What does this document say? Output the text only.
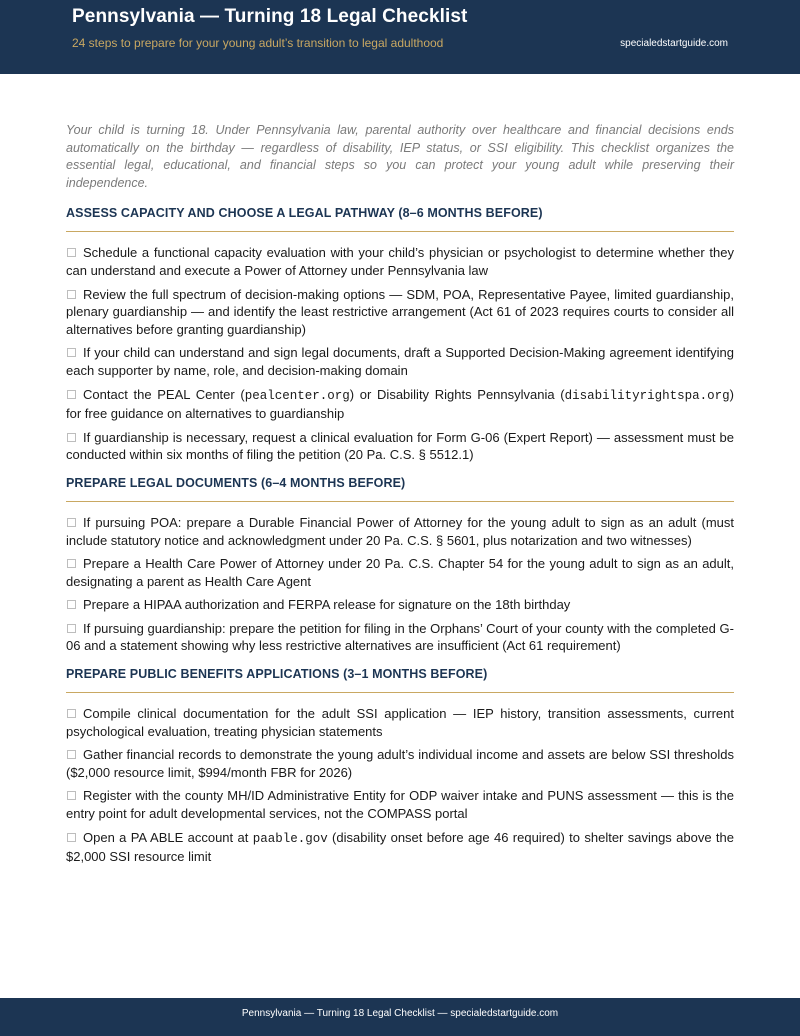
Pennsylvania — Turning 18 Legal Checklist
24 steps to prepare for your young adult’s transition to legal adulthood	specialedstartguide.com

Your child is turning 18. Under Pennsylvania law, parental authority over healthcare and financial decisions ends automatically on the birthday — regardless of disability, IEP status, or SSI eligibility. This checklist organizes the essential legal, educational, and financial steps so you can protect your young adult while preserving their independence.

ASSESS CAPACITY AND CHOOSE A LEGAL PATHWAY (8–6 MONTHS BEFORE)

Schedule a functional capacity evaluation with your child’s physician or psychologist to determine whether they can understand and execute a Power of Attorney under Pennsylvania law

Review the full spectrum of decision-making options — SDM, POA, Representative Payee, limited guardianship, plenary guardianship — and identify the least restrictive arrangement (Act 61 of 2023 requires courts to consider all alternatives before granting guardianship)

If your child can understand and sign legal documents, draft a Supported Decision-Making agreement identifying each supporter by name, role, and decision-making domain

Contact the PEAL Center (pealcenter.org) or Disability Rights Pennsylvania (disabilityrightspa.org) for free guidance on alternatives to guardianship

If guardianship is necessary, request a clinical evaluation for Form G-06 (Expert Report) — assessment must be conducted within six months of filing the petition (20 Pa. C.S. § 5512.1)

PREPARE LEGAL DOCUMENTS (6–4 MONTHS BEFORE)

If pursuing POA: prepare a Durable Financial Power of Attorney for the young adult to sign as an adult (must include statutory notice and acknowledgment under 20 Pa. C.S. § 5601, plus notarization and two witnesses)

Prepare a Health Care Power of Attorney under 20 Pa. C.S. Chapter 54 for the young adult to sign as an adult, designating a parent as Health Care Agent

Prepare a HIPAA authorization and FERPA release for signature on the 18th birthday

If pursuing guardianship: prepare the petition for filing in the Orphans’ Court of your county with the completed G-06 and a statement showing why less restrictive alternatives are insufficient (Act 61 requirement)

PREPARE PUBLIC BENEFITS APPLICATIONS (3–1 MONTHS BEFORE)

Compile clinical documentation for the adult SSI application — IEP history, transition assessments, current psychological evaluation, treating physician statements

Gather financial records to demonstrate the young adult’s individual income and assets are below SSI thresholds ($2,000 resource limit, $994/month FBR for 2026)

Register with the county MH/ID Administrative Entity for ODP waiver intake and PUNS assessment — this is the entry point for adult developmental services, not the COMPASS portal

Open a PA ABLE account at paable.gov (disability onset before age 46 required) to shelter savings above the $2,000 SSI resource limit

Pennsylvania — Turning 18 Legal Checklist — specialedstartguide.com
